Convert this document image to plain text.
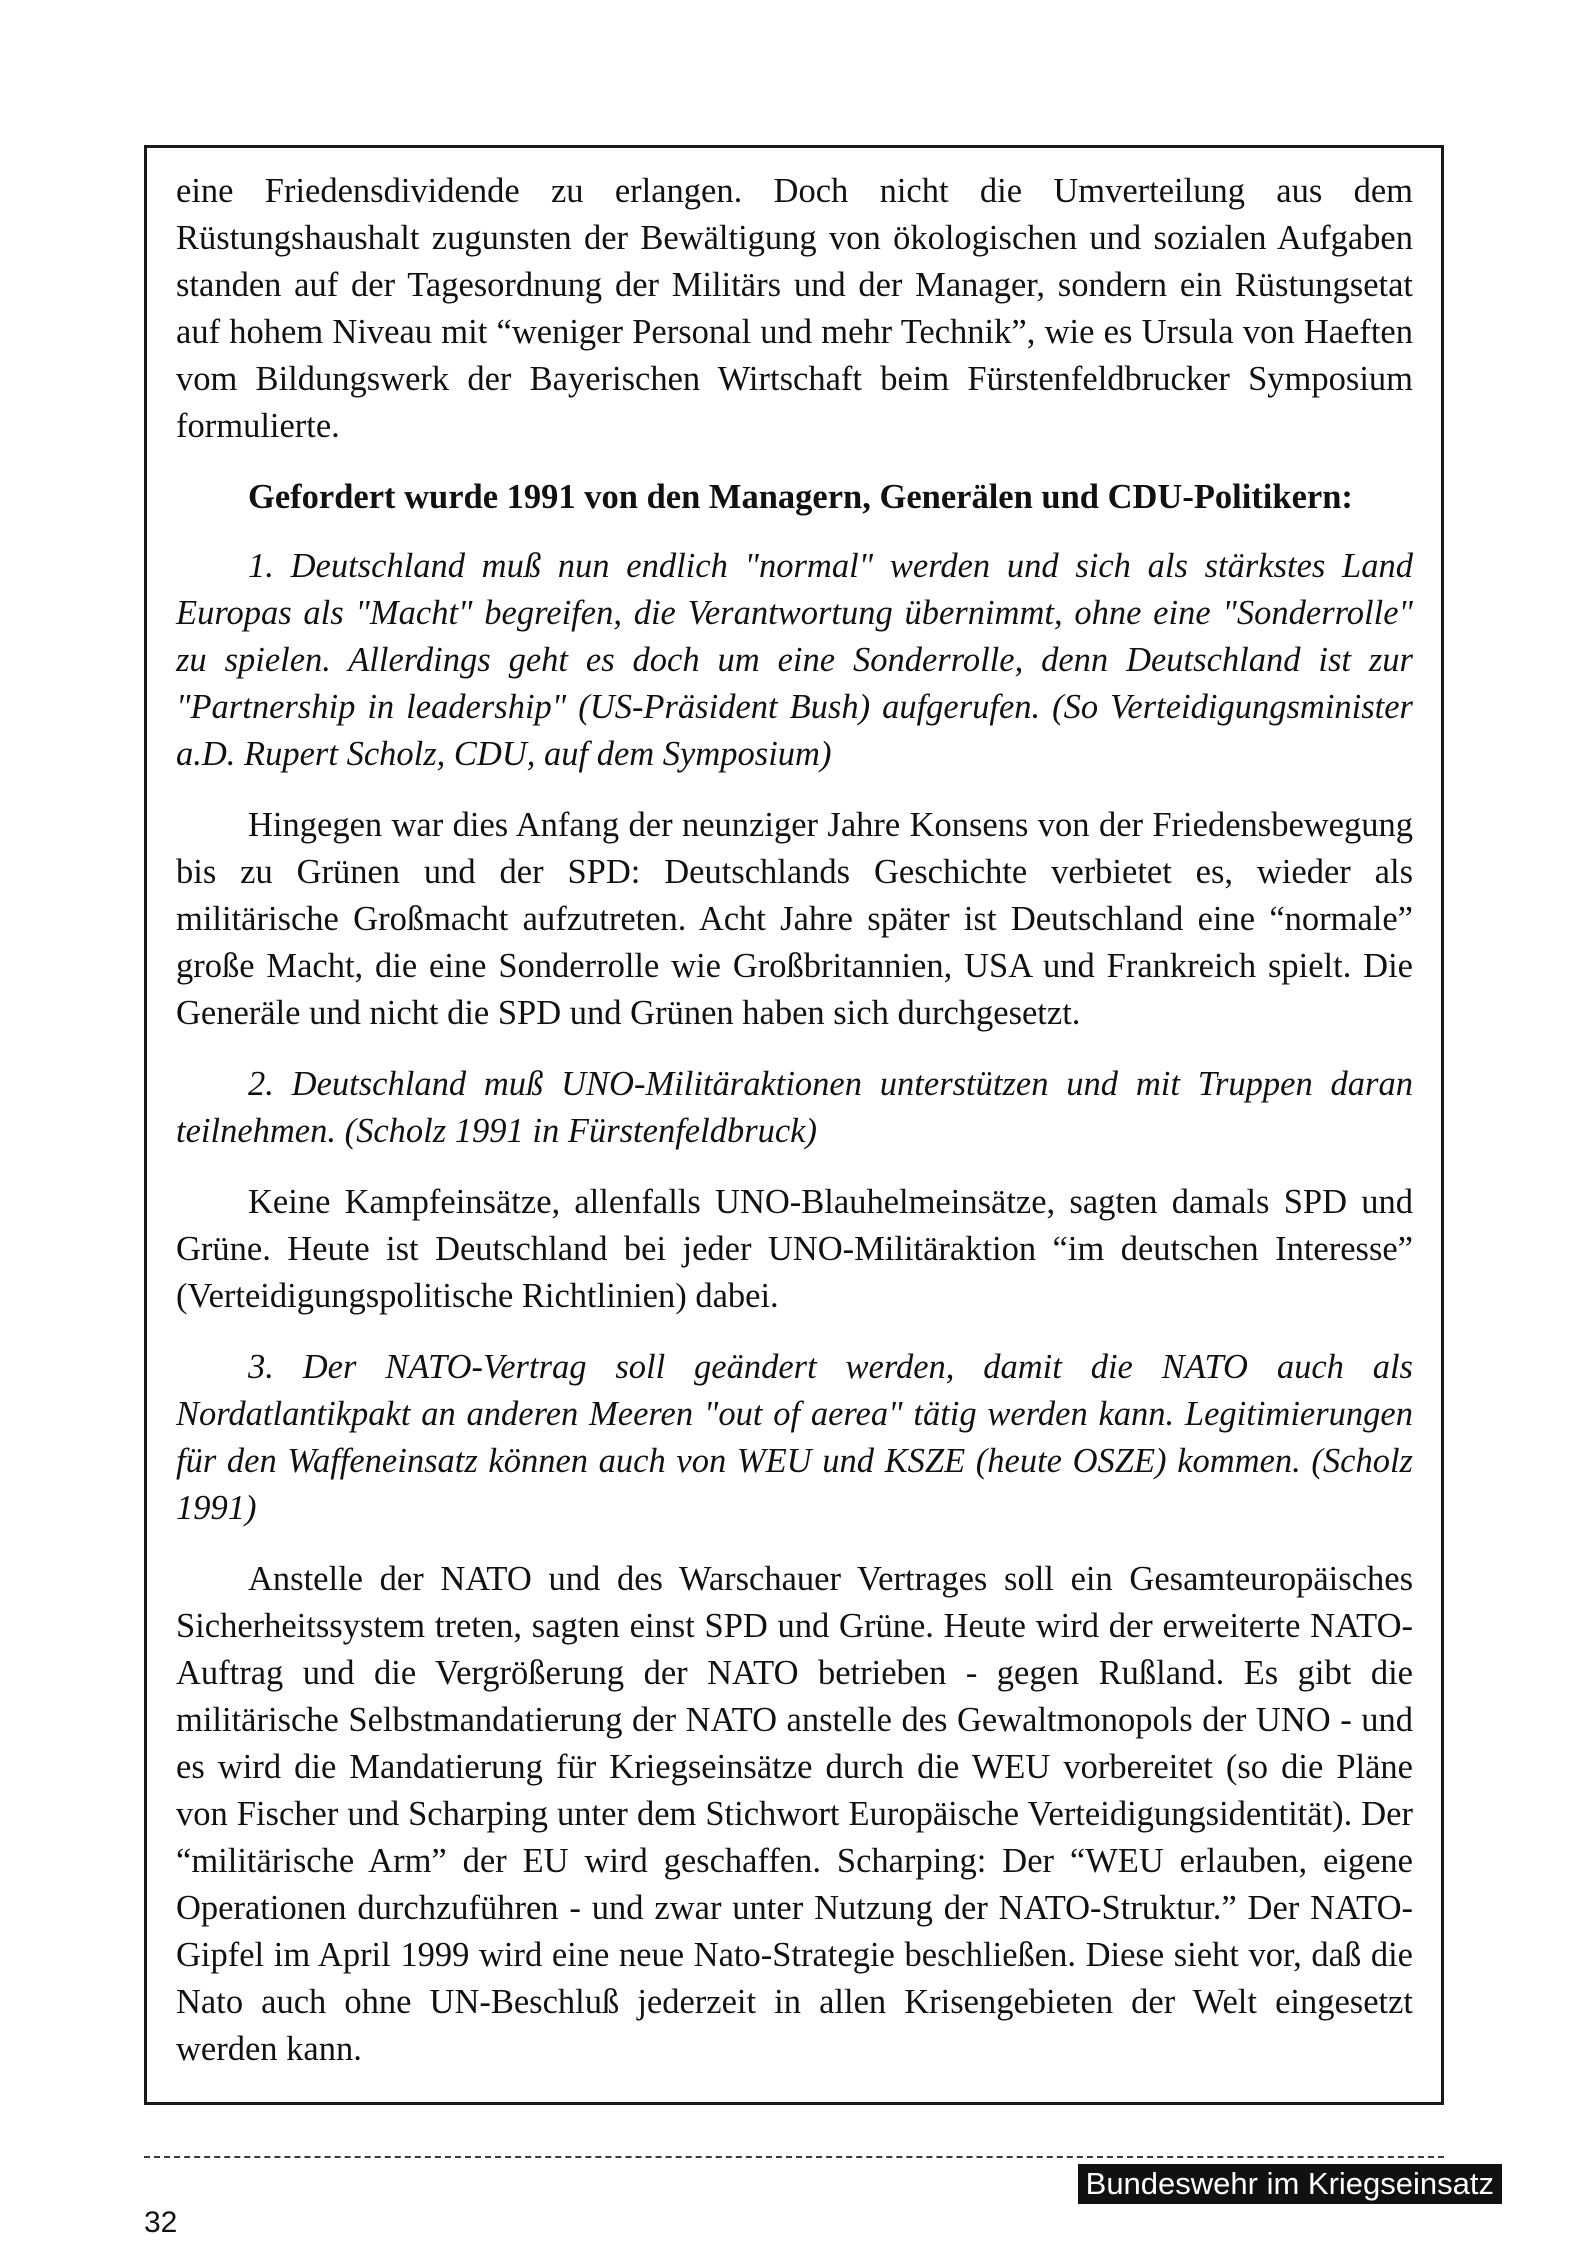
eine Friedensdividende zu erlangen. Doch nicht die Umverteilung aus dem Rüstungshaushalt zugunsten der Bewältigung von ökologischen und sozialen Aufgaben standen auf der Tagesordnung der Militärs und der Manager, sondern ein Rüstungsetat auf hohem Niveau mit “weniger Personal und mehr Technik”, wie es Ursula von Haeften vom Bildungswerk der Bayerischen Wirtschaft beim Fürstenfeldbrucker Symposium formulierte.

Gefordert wurde 1991 von den Managern, Generälen und CDU-Politikern:

1. Deutschland muß nun endlich "normal" werden und sich als stärkstes Land Europas als "Macht" begreifen, die Verantwortung übernimmt, ohne eine "Sonderrolle" zu spielen. Allerdings geht es doch um eine Sonderrolle, denn Deutschland ist zur "Partnership in leadership" (US-Präsident Bush) aufgerufen. (So Verteidigungsminister a.D. Rupert Scholz, CDU, auf dem Symposium)

Hingegen war dies Anfang der neunziger Jahre Konsens von der Friedensbewegung bis zu Grünen und der SPD: Deutschlands Geschichte verbietet es, wieder als militärische Großmacht aufzutreten. Acht Jahre später ist Deutschland eine “normale” große Macht, die eine Sonderrolle wie Großbritannien, USA und Frankreich spielt. Die Generäle und nicht die SPD und Grünen haben sich durchgesetzt.

2. Deutschland muß UNO-Militäraktionen unterstützen und mit Truppen daran teilnehmen. (Scholz 1991 in Fürstenfeldbruck)

Keine Kampfeinsätze, allenfalls UNO-Blauhelmeinsätze, sagten damals SPD und Grüne. Heute ist Deutschland bei jeder UNO-Militäraktion “im deutschen Interesse” (Verteidigungspolitische Richtlinien) dabei.

3. Der NATO-Vertrag soll geändert werden, damit die NATO auch als Nordatlantikpakt an anderen Meeren "out of aerea" tätig werden kann. Legitimierungen für den Waffeneinsatz können auch von WEU und KSZE (heute OSZE) kommen. (Scholz 1991)

Anstelle der NATO und des Warschauer Vertrages soll ein Gesamteuropäisches Sicherheitssystem treten, sagten einst SPD und Grüne. Heute wird der erweiterte NATO-Auftrag und die Vergrößerung der NATO betrieben - gegen Rußland. Es gibt die militärische Selbstmandatierung der NATO anstelle des Gewaltmonopols der UNO - und es wird die Mandatierung für Kriegseinsätze durch die WEU vorbereitet (so die Pläne von Fischer und Scharping unter dem Stichwort Europäische Verteidigungsidentität). Der “militärische Arm” der EU wird geschaffen. Scharping: Der “WEU erlauben, eigene Operationen durchzuführen - und zwar unter Nutzung der NATO-Struktur.” Der NATO-Gipfel im April 1999 wird eine neue Nato-Strategie beschließen. Diese sieht vor, daß die Nato auch ohne UN-Beschluß jederzeit in allen Krisengebieten der Welt eingesetzt werden kann.

32
Bundeswehr im Kriegseinsatz
